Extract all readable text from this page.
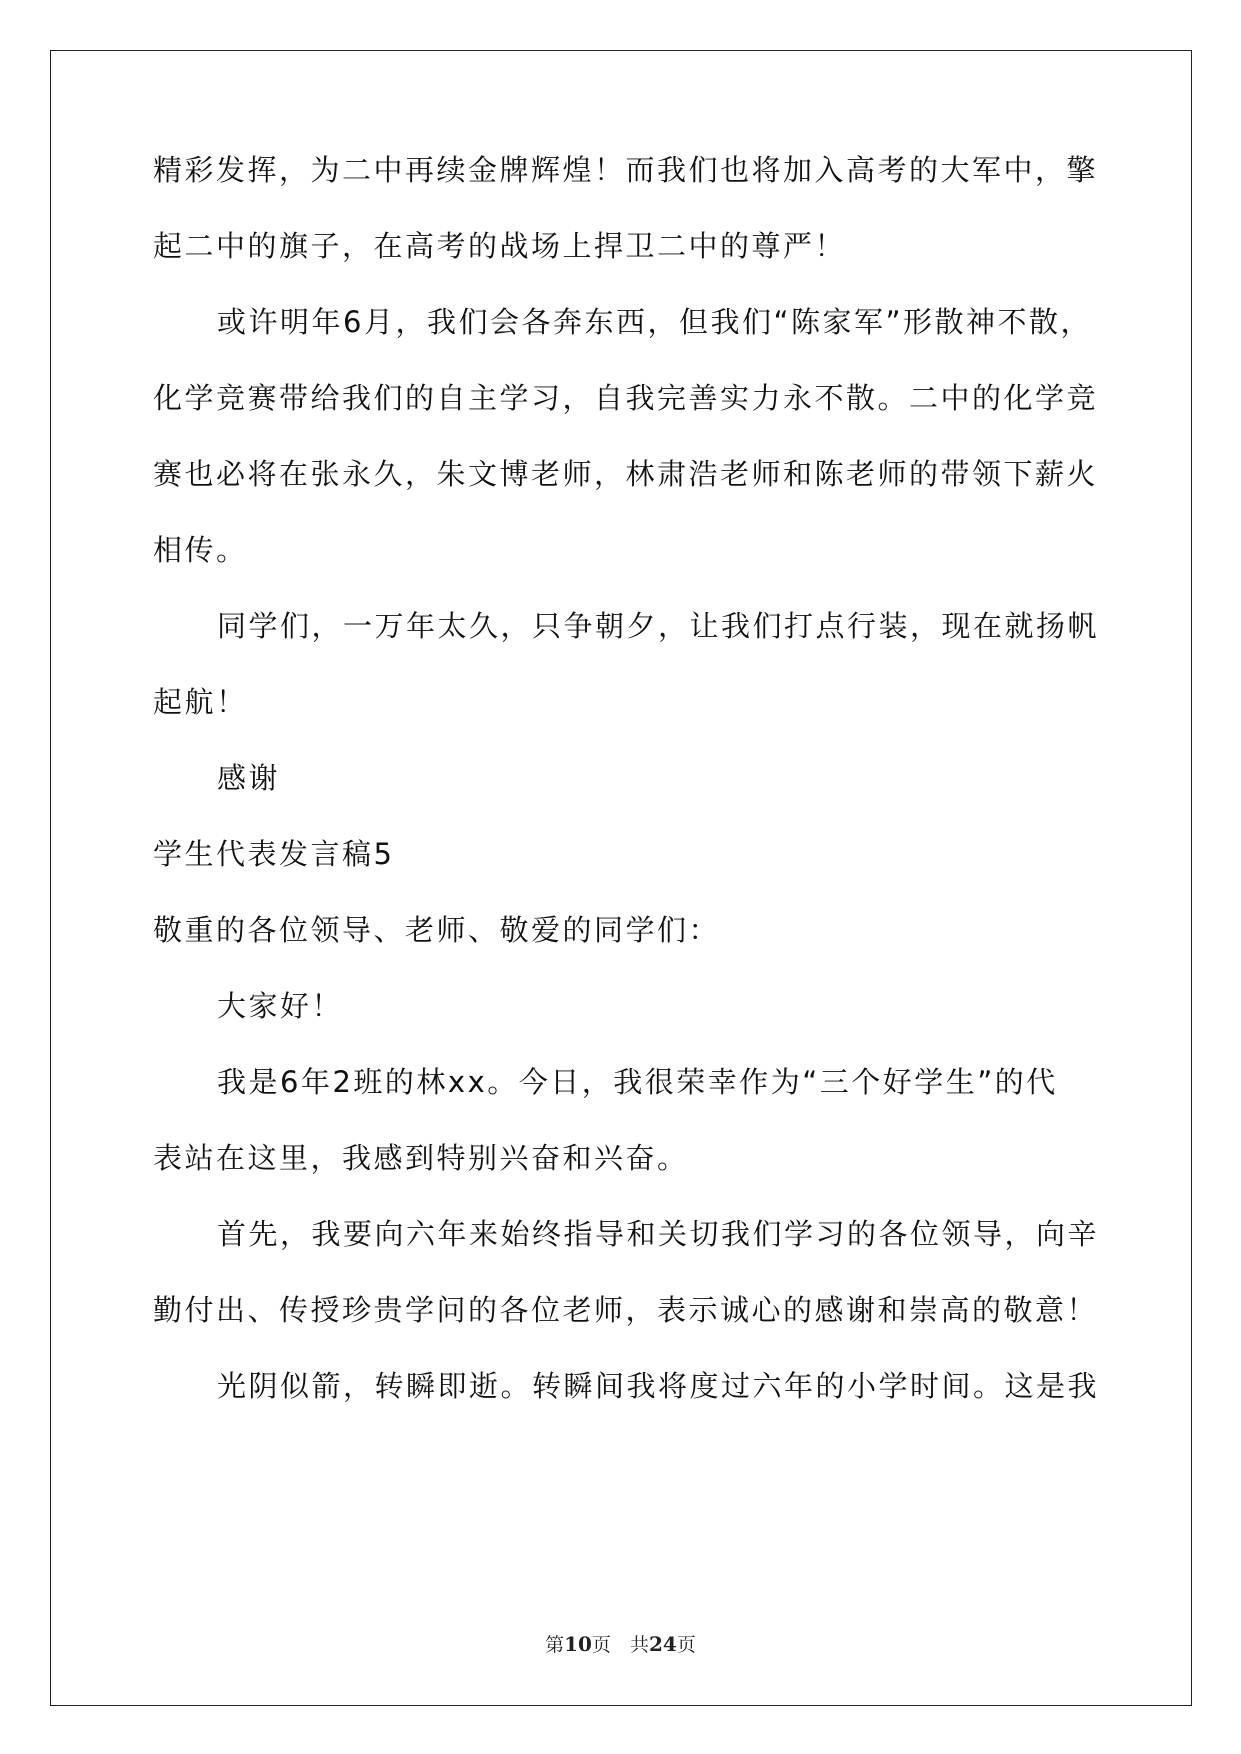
精彩发挥，为二中再续金牌辉煌！而我们也将加入高考的大军中，擎
起二中的旗子，在高考的战场上捍卫二中的尊严！
或许明年6月，我们会各奔东西，但我们“陈家军”形散神不散，
化学竞赛带给我们的自主学习，自我完善实力永不散。二中的化学竞
赛也必将在张永久，朱文博老师，林肃浩老师和陈老师的带领下薪火
相传。
同学们，一万年太久，只争朝夕，让我们打点行装，现在就扬帆
起航！
感谢
学生代表发言稿5
敬重的各位领导、老师、敬爱的同学们：
大家好！
我是6年2班的林xx。今日，我很荣幸作为“三个好学生”的代
表站在这里，我感到特别兴奋和兴奋。
首先，我要向六年来始终指导和关切我们学习的各位领导，向辛
勤付出、传授珍贵学问的各位老师，表示诚心的感谢和崇高的敬意！
光阴似箭，转瞬即逝。转瞬间我将度过六年的小学时间。这是我
第10页　共24页
